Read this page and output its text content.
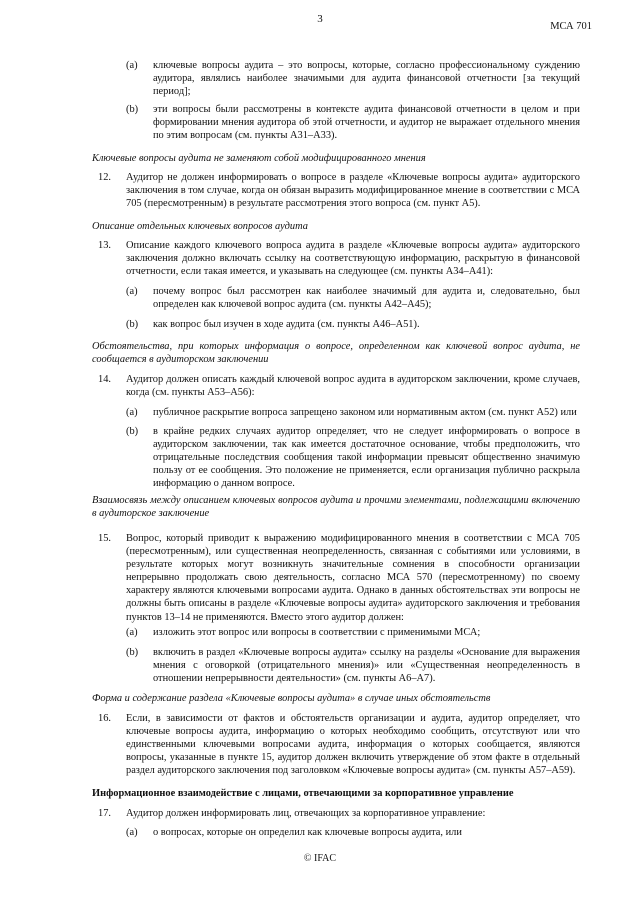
3
МСА 701
(a) ключевые вопросы аудита – это вопросы, которые, согласно профессиональному суждению аудитора, являлись наиболее значимыми для аудита финансовой отчетности [за текущий период];
(b) эти вопросы были рассмотрены в контексте аудита финансовой отчетности в целом и при формировании мнения аудитора об этой отчетности, и аудитор не выражает отдельного мнения по этим вопросам (см. пункты A31–A33).
Ключевые вопросы аудита не заменяют собой модифицированного мнения
12. Аудитор не должен информировать о вопросе в разделе «Ключевые вопросы аудита» аудиторского заключения в том случае, когда он обязан выразить модифицированное мнение в соответствии с МСА 705 (пересмотренным) в результате рассмотрения этого вопроса (см. пункт A5).
Описание отдельных ключевых вопросов аудита
13. Описание каждого ключевого вопроса аудита в разделе «Ключевые вопросы аудита» аудиторского заключения должно включать ссылку на соответствующую информацию, раскрытую в финансовой отчетности, если такая имеется, и указывать на следующее (см. пункты A34–A41):
(a) почему вопрос был рассмотрен как наиболее значимый для аудита и, следовательно, был определен как ключевой вопрос аудита (см. пункты A42–A45);
(b) как вопрос был изучен в ходе аудита (см. пункты A46–A51).
Обстоятельства, при которых информация о вопросе, определенном как ключевой вопрос аудита, не сообщается в аудиторском заключении
14. Аудитор должен описать каждый ключевой вопрос аудита в аудиторском заключении, кроме случаев, когда (см. пункты A53–A56):
(a) публичное раскрытие вопроса запрещено законом или нормативным актом (см. пункт A52) или
(b) в крайне редких случаях аудитор определяет, что не следует информировать о вопросе в аудиторском заключении, так как имеется достаточное основание, чтобы предположить, что отрицательные последствия сообщения такой информации превысят общественно значимую пользу от ее сообщения. Это положение не применяется, если организация публично раскрыла информацию о данном вопросе.
Взаимосвязь между описанием ключевых вопросов аудита и прочими элементами, подлежащими включению в аудиторское заключение
15. Вопрос, который приводит к выражению модифицированного мнения в соответствии с МСА 705 (пересмотренным), или существенная неопределенность, связанная с событиями или условиями, в результате которых могут возникнуть значительные сомнения в способности организации непрерывно продолжать свою деятельность, согласно МСА 570 (пересмотренному) по своему характеру являются ключевыми вопросами аудита. Однако в данных обстоятельствах эти вопросы не должны быть описаны в разделе «Ключевые вопросы аудита» аудиторского заключения и требования пунктов 13–14 не применяются. Вместо этого аудитор должен:
(a) изложить этот вопрос или вопросы в соответствии с применимыми МСА;
(b) включить в раздел «Ключевые вопросы аудита» ссылку на разделы «Основание для выражения мнения с оговоркой (отрицательного мнения)» или «Существенная неопределенность в отношении непрерывности деятельности» (см. пункты A6–A7).
Форма и содержание раздела «Ключевые вопросы аудита» в случае иных обстоятельств
16. Если, в зависимости от фактов и обстоятельств организации и аудита, аудитор определяет, что ключевые вопросы аудита, информацию о которых необходимо сообщить, отсутствуют или что единственными ключевыми вопросами аудита, информация о которых сообщается, являются вопросы, указанные в пункте 15, аудитор должен включить утверждение об этом факте в отдельный раздел аудиторского заключения под заголовком «Ключевые вопросы аудита» (см. пункты A57–A59).
Информационное взаимодействие с лицами, отвечающими за корпоративное управление
17. Аудитор должен информировать лиц, отвечающих за корпоративное управление:
(a) о вопросах, которые он определил как ключевые вопросы аудита, или
© IFAC
